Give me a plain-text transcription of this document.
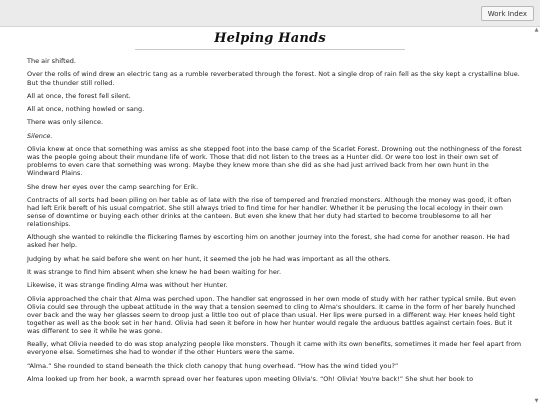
Work Index
▲
Helping Hands

The air shifted.

Over the rolls of wind drew an electric tang as a rumble reverberated through the forest. Not a single drop of rain fell as the sky kept a crystalline blue. But the thunder still rolled.

All at once, the forest fell silent.

All at once, nothing howled or sang.

There was only silence.

Silence.

Olivia knew at once that something was amiss as she stepped foot into the base camp of the Scarlet Forest. Drowning out the nothingness of the forest was the people going about their mundane life of work. Those that did not listen to the trees as a Hunter did. Or were too lost in their own set of problems to even care that something was wrong. Maybe they knew more than she did as she had just arrived back from her own hunt in the Windward Plains.

She drew her eyes over the camp searching for Erik.

Contracts of all sorts had been piling on her table as of late with the rise of tempered and frenzied monsters. Although the money was good, it often had left Erik bereft of his usual compatriot. She still always tried to find time for her handler. Whether it be perusing the local ecology in their own sense of downtime or buying each other drinks at the canteen. But even she knew that her duty had started to become troublesome to all her relationships.

Although she wanted to rekindle the flickering flames by escorting him on another journey into the forest, she had come for another reason. He had asked her help.

Judging by what he said before she went on her hunt, it seemed the job he had was important as all the others.

It was strange to find him absent when she knew he had been waiting for her.

Likewise, it was strange finding Alma was without her Hunter.

Olivia approached the chair that Alma was perched upon. The handler sat engrossed in her own mode of study with her rather typical smile. But even Olivia could see through the upbeat attitude in the way that a tension seemed to cling to Alma's shoulders. It came in the form of her barely hunched over back and the way her glasses seem to droop just a little too out of place than usual. Her lips were pursed in a different way. Her knees held tight together as well as the book set in her hand. Olivia had seen it before in how her hunter would regale the arduous battles against certain foes. But it was different to see it while he was gone.

Really, what Olivia needed to do was stop analyzing people like monsters. Though it came with its own benefits, sometimes it made her feel apart from everyone else. Sometimes she had to wonder if the other Hunters were the same.

“Alma.” She rounded to stand beneath the thick cloth canopy that hung overhead. “How has the wind tided you?”

Alma looked up from her book, a warmth spread over her features upon meeting Olivia's. “Oh! Olivia! You're back!” She shut her book to

▼
